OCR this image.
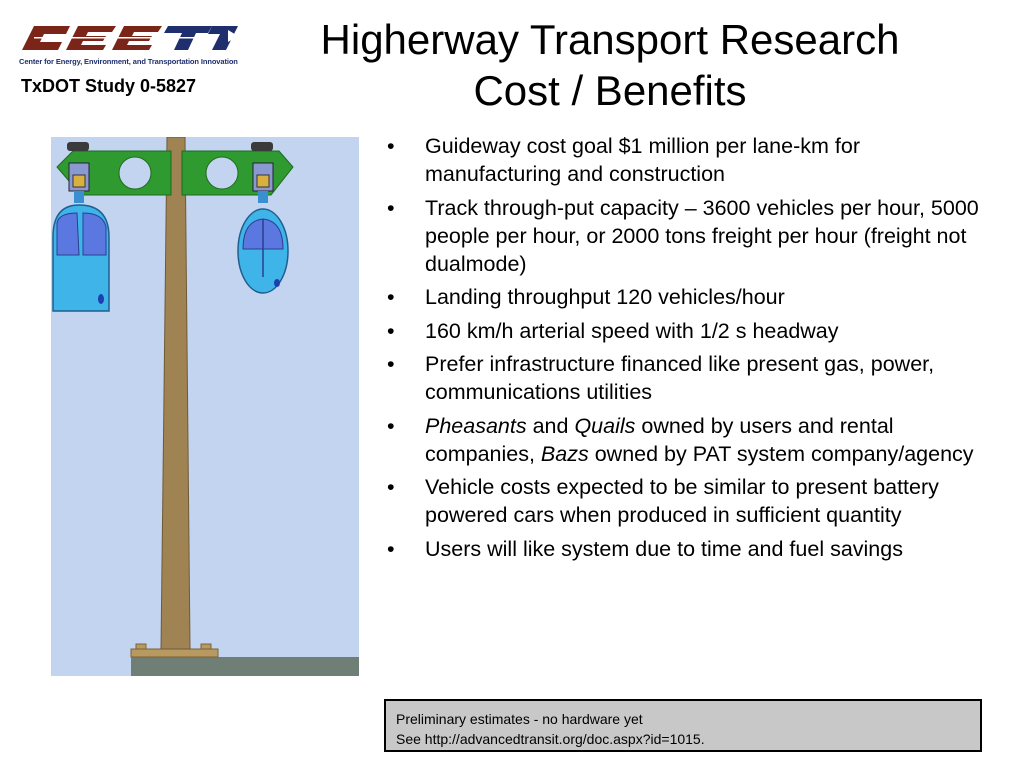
Center for Energy, Environment, and Transportation Innovation
TxDOT Study 0-5827
Higherway Transport Research
Cost / Benefits
•	Guideway cost goal $1 million per lane-km for manufacturing and construction
•	Track through-put capacity – 3600 vehicles per hour, 5000 people per hour, or 2000 tons freight per hour (freight not dualmode)
•	Landing throughput 120 vehicles/hour
•	160 km/h arterial speed with 1/2 s headway
•	Prefer infrastructure financed like present gas, power, communications utilities
•	Pheasants and Quails owned by users and rental companies, Bazs owned by PAT system company/agency
•	Vehicle costs expected to be similar to present battery powered cars when produced in sufficient quantity
•	Users will like system due to time and fuel savings
Preliminary estimates - no hardware yet
See http://advancedtransit.org/doc.aspx?id=1015.
